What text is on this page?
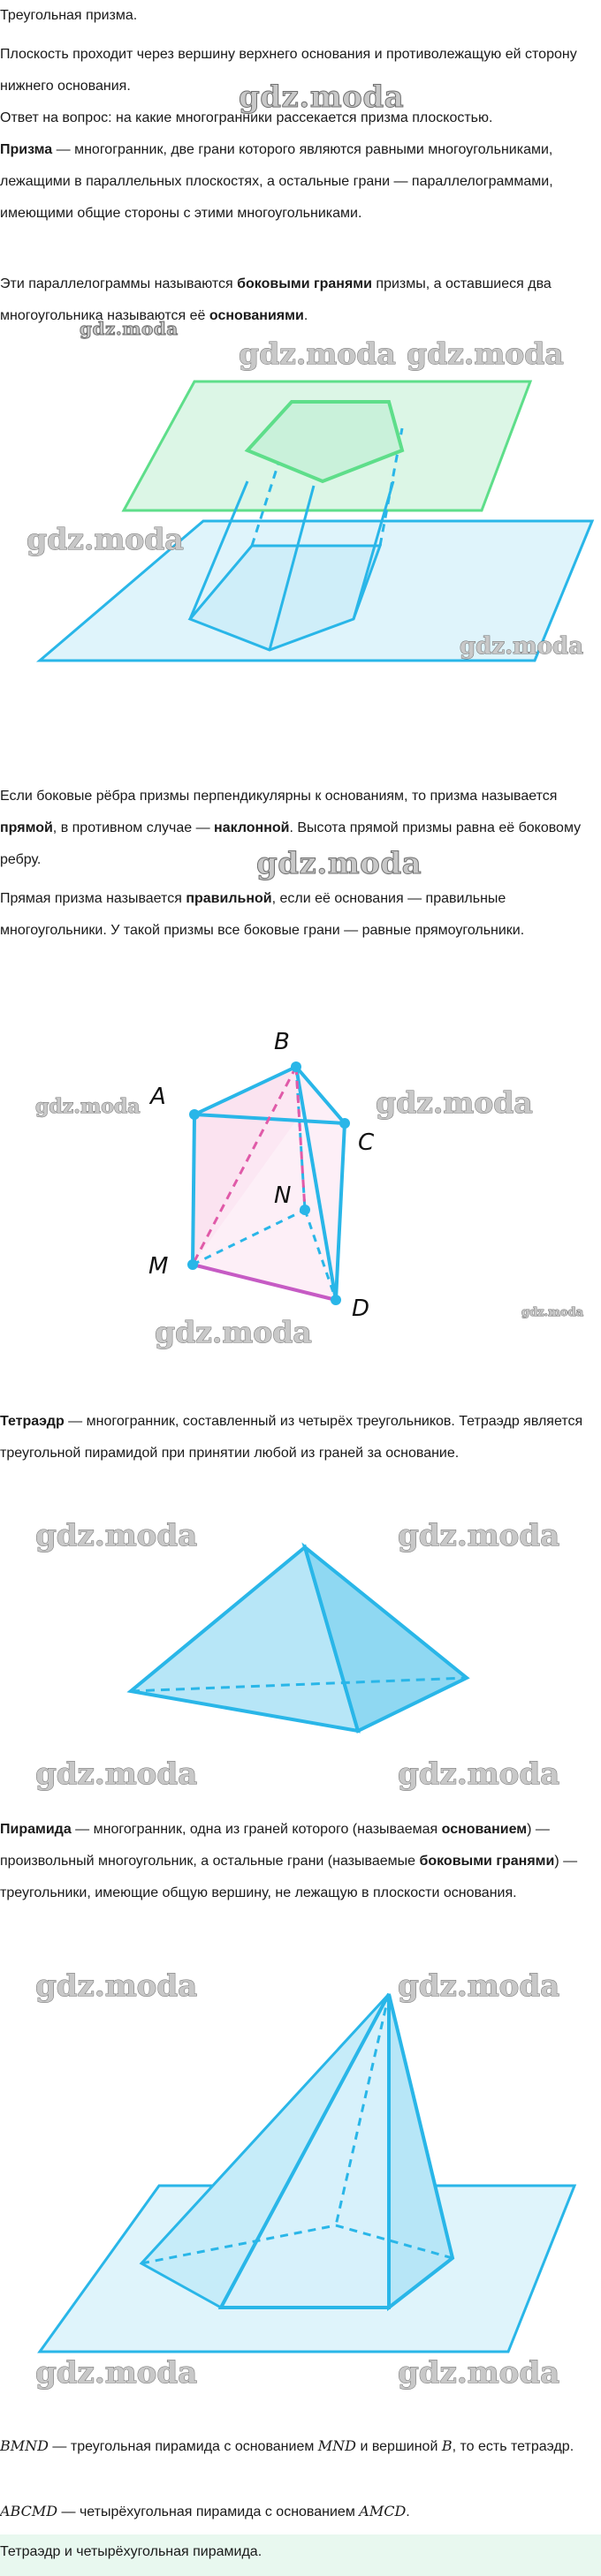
Треугольная призма.

Плоскость проходит через вершину верхнего основания и противолежащую ей сторону нижнего основания.

Ответ на вопрос: на какие многогранники рассекается призма плоскостью.

Призма — многогранник, две грани которого являются равными многоугольниками, лежащими в параллельных плоскостях, а остальные грани — параллелограммами, имеющими общие стороны с этими многоугольниками.

Эти параллелограммы называются боковыми гранями призмы, а оставшиеся два многоугольника называются её основаниями.

gdz.moda gdz.moda
gdz.moda
gdz.moda
gdz.moda
gdz.moda

Если боковые рёбра призмы перпендикулярны к основаниям, то призма называется прямой, в противном случае — наклонной. Высота прямой призмы равна её боковому ребру.	gdz.moda

Прямая призма называется правильной, если её основания — правильные многоугольники. У такой призмы все боковые грани — равные прямоугольники.

B
A
C
N
M
D
gdz.moda	gdz.moda
gdz.moda
gdz.moda

Тетраэдр — многогранник, составленный из четырёх треугольников. Тетраэдр является треугольной пирамидой при принятии любой из граней за основание.

gdz.moda	gdz.moda
gdz.moda	gdz.moda

Пирамида — многогранник, одна из граней которого (называемая основанием) — произвольный многоугольник, а остальные грани (называемые боковыми гранями) — треугольники, имеющие общую вершину, не лежащую в плоскости основания.

gdz.moda	gdz.moda
gdz.moda	gdz.moda

BMND — треугольная пирамида с основанием MND и вершиной B, то есть тетраэдр.

ABCMD — четырёхугольная пирамида с основанием AMCD.

Тетраэдр и четырёхугольная пирамида.
